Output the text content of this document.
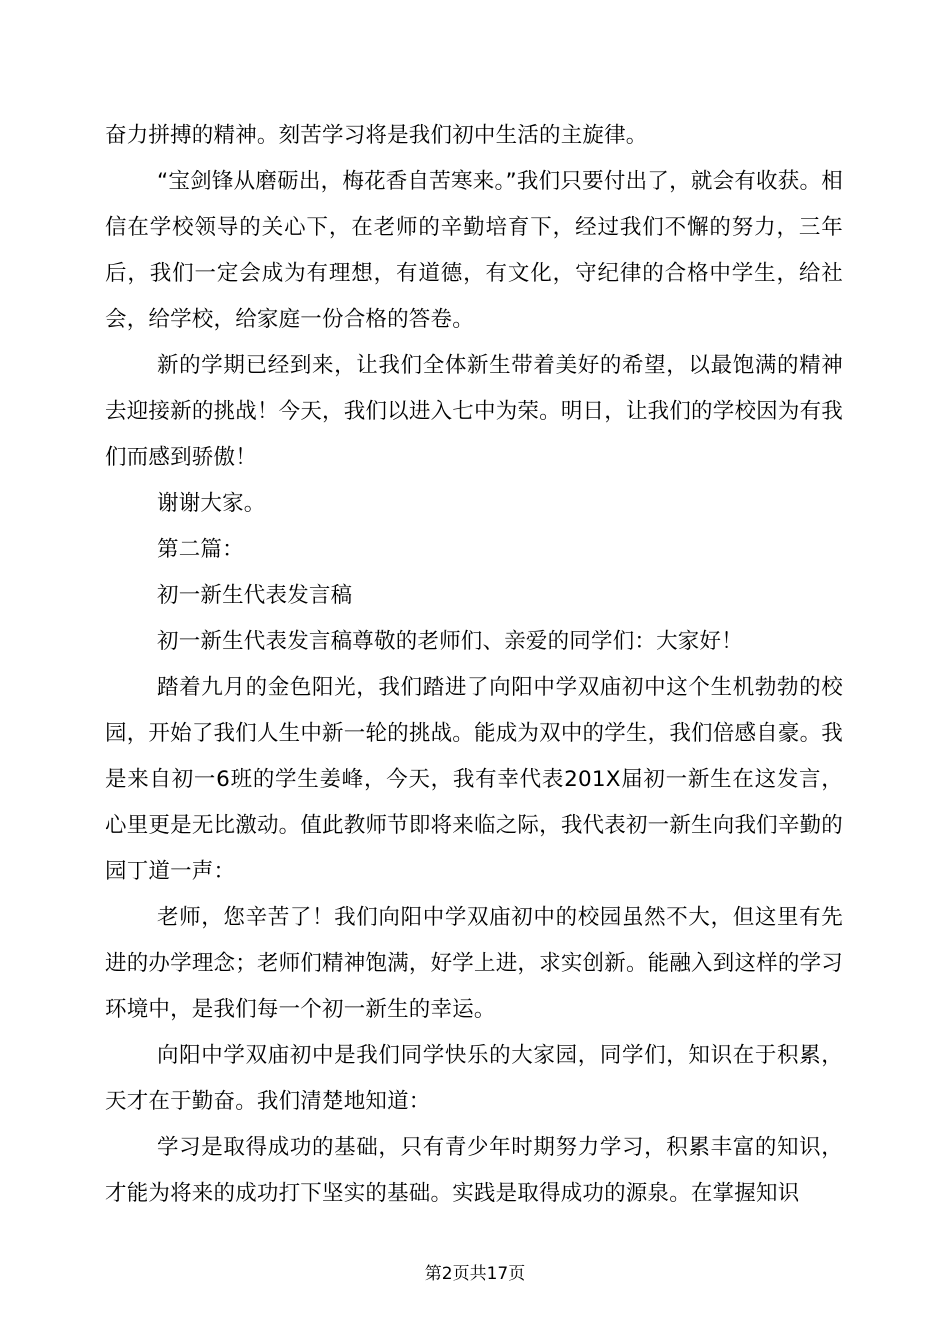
奋力拼搏的精神。刻苦学习将是我们初中生活的主旋律。

“宝剑锋从磨砺出，梅花香自苦寒来。”我们只要付出了，就会有收获。相信在学校领导的关心下，在老师的辛勤培育下，经过我们不懈的努力，三年后，我们一定会成为有理想，有道德，有文化，守纪律的合格中学生，给社会，给学校，给家庭一份合格的答卷。

新的学期已经到来，让我们全体新生带着美好的希望，以最饱满的精神去迎接新的挑战！今天，我们以进入七中为荣。明日，让我们的学校因为有我们而感到骄傲！

谢谢大家。

第二篇：

初一新生代表发言稿

初一新生代表发言稿尊敬的老师们、亲爱的同学们：大家好！

踏着九月的金色阳光，我们踏进了向阳中学双庙初中这个生机勃勃的校园，开始了我们人生中新一轮的挑战。能成为双中的学生，我们倍感自豪。我是来自初一6班的学生姜峰，今天，我有幸代表201X届初一新生在这发言，心里更是无比激动。值此教师节即将来临之际，我代表初一新生向我们辛勤的园丁道一声：

老师，您辛苦了！我们向阳中学双庙初中的校园虽然不大，但这里有先进的办学理念；老师们精神饱满，好学上进，求实创新。能融入到这样的学习环境中，是我们每一个初一新生的幸运。

向阳中学双庙初中是我们同学快乐的大家园，同学们，知识在于积累，天才在于勤奋。我们清楚地知道：

学习是取得成功的基础，只有青少年时期努力学习，积累丰富的知识，才能为将来的成功打下坚实的基础。实践是取得成功的源泉。在掌握知识

第2页共17页
